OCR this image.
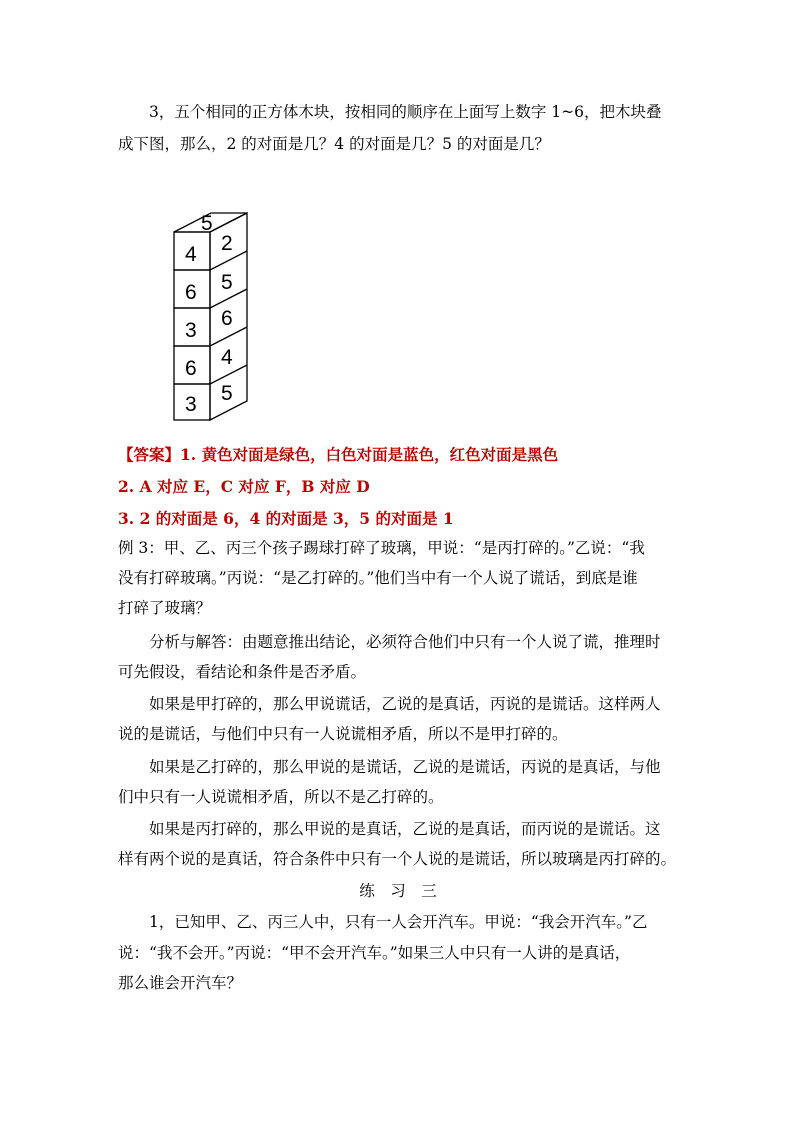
3，五个相同的正方体木块，按相同的顺序在上面写上数字 1~6，把木块叠

成下图，那么，2 的对面是几？4 的对面是几？5 的对面是几？

5
4
6
3
6
3
2
5
6
4
5

【答案】1. 黄色对面是绿色，白色对面是蓝色，红色对面是黑色

2. A 对应 E，C 对应 F，B 对应 D

3. 2 的对面是 6，4 的对面是 3，5 的对面是 1

例 3：甲、乙、丙三个孩子踢球打碎了玻璃，甲说：“是丙打碎的。”乙说：“我

没有打碎玻璃。”丙说：“是乙打碎的。”他们当中有一个人说了谎话，到底是谁

打碎了玻璃？

分析与解答：由题意推出结论，必须符合他们中只有一个人说了谎，推理时

可先假设，看结论和条件是否矛盾。

如果是甲打碎的，那么甲说谎话，乙说的是真话，丙说的是谎话。这样两人

说的是谎话，与他们中只有一人说谎相矛盾，所以不是甲打碎的。

如果是乙打碎的，那么甲说的是谎话，乙说的是谎话，丙说的是真话，与他

们中只有一人说谎相矛盾，所以不是乙打碎的。

如果是丙打碎的，那么甲说的是真话，乙说的是真话，而丙说的是谎话。这

样有两个说的是真话，符合条件中只有一个人说的是谎话，所以玻璃是丙打碎的。

练　习　三

1，已知甲、乙、丙三人中，只有一人会开汽车。甲说：“我会开汽车。”乙

说：“我不会开。”丙说：“甲不会开汽车。”如果三人中只有一人讲的是真话，

那么谁会开汽车？
